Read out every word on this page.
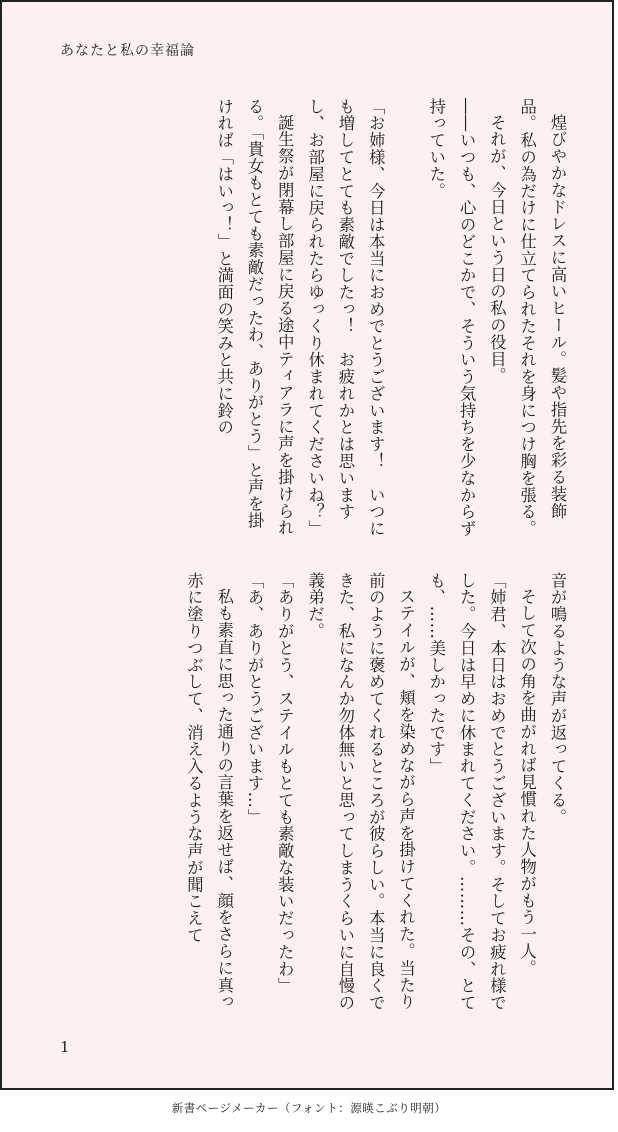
あなたと私の幸福論

煌びやかなドレスに高いヒール。髪や指先を彩る装飾品。私の為だけに仕立てられたそれを身につけ胸を張る。

それが、今日という日の私の役目。

――いつも、心のどこかで、そういう気持ちを少なからず持っていた。

「お姉様、今日は本当におめでとうございます！　いつにも増してとても素敵でしたっ！　お疲れかとは思いますし、お部屋に戻られたらゆっくり休まれてくださいね？」

誕生祭が閉幕し部屋に戻る途中ティアラに声を掛けられる。「貴女もとても素敵だったわ、ありがとう」と声を掛ければ「はいっ！」と満面の笑みと共に鈴の

音が鳴るような声が返ってくる。

そして次の角を曲がれば見慣れた人物がもう一人。

「姉君、本日はおめでとうございます。そしてお疲れ様でした。今日は早めに休まれてください。………その、とても、……美しかったです」

ステイルが、頬を染めながら声を掛けてくれた。当たり前のように褒めてくれるところが彼らしい。本当に良くできた、私になんか勿体無いと思ってしまうくらいに自慢の義弟だ。

「ありがとう、ステイルもとても素敵な装いだったわ」

「あ、ありがとうございます…」

私も素直に思った通りの言葉を返せば、顔をさらに真っ赤に塗りつぶして、消え入るような声が聞こえて

1
新書ページメーカー（フォント：源暎こぶり明朝）
